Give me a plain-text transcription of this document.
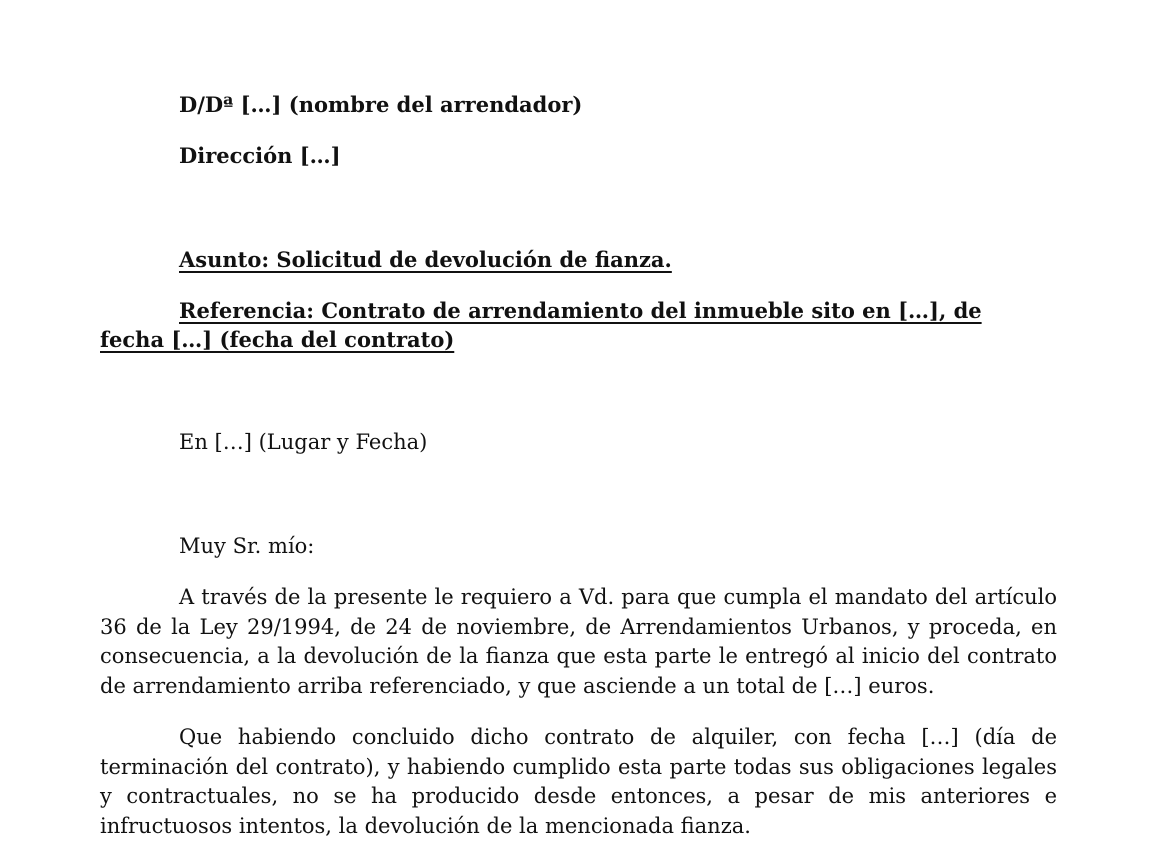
D/Dª […] (nombre del arrendador)
Dirección […]
Asunto: Solicitud de devolución de fianza.

Referencia: Contrato de arrendamiento del inmueble sito en […], de fecha […] (fecha del contrato)

En […] (Lugar y Fecha)
Muy Sr. mío:

A través de la presente le requiero a Vd. para que cumpla el mandato del artículo 36 de la Ley 29/1994, de 24 de noviembre, de Arrendamientos Urbanos, y proceda, en consecuencia, a la devolución de la fianza que esta parte le entregó al inicio del contrato de arrendamiento arriba referenciado, y que asciende a un total de […] euros.

Que habiendo concluido dicho contrato de alquiler, con fecha […] (día de terminación del contrato), y habiendo cumplido esta parte todas sus obligaciones legales y contractuales, no se ha producido desde entonces, a pesar de mis anteriores e infructuosos intentos, la devolución de la mencionada fianza.
